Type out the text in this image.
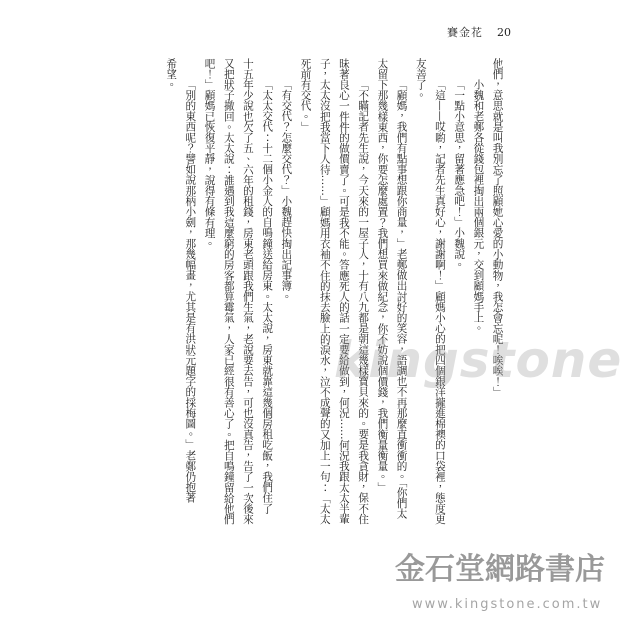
賽金花 20
他們，意思就是叫我別忘了照顧她心愛的小動物，我怎會忘呢！唉唉！」
小魏和老鄭各從錢包裡掏出兩個銀元，交到顧媽手上。
「一點小意思，留著應急吧！」小魏說。
「這——哎喲，記者先生真好心，謝謝啊！」顧媽小心的把四個銀洋攏進棉襖的口袋裡，態度更
友善了。
「顧媽，我們有點事想跟你商量，」老鄭做出討好的笑容，語調也不再那麼直衝衝的。「你們太
太留下那幾樣東西，你要怎麼處置？我們想買來做紀念，你不妨說個價錢，我們衡量衡量。」
「不瞞記者先生說，今天來的一屋子人，十有八九都是朝這幾樣寶貝來的。要是我貪財，保不住
昧著良心一件件的做價賣了。可是我不能。答應死人的話一定要給做到，何況……何況我跟太太半輩
子，太太沒把我當下人待……」顧媽用衣袖不住的抹去臉上的淚水，泣不成聲的又加上一句：「太太
死前有交代。」
「有交代？怎麼交代？」小魏趕快掏出記事簿。
「太太交代：十二個小金人的自鳴鐘送給房東。太太說，房東就靠這幾個房租吃飯，我們住了
十五年少說也欠了五、六年的租錢，房東老頭跟我們生氣，老說要去告，可也沒真告，告了一次後來
又把狀子撤回。太太說：誰遇到我這麼窮的房客都算霉氣，人家已經很有善心了。把自鳴鐘留給他們
吧！」顧媽已恢復平靜，說得有條有理。
「別的東西呢？譬如說那柄小劍，那幾幅畫，尤其是有洪狀元題字的採梅圖。」老鄭仍抱著
希望。
kingstone
金石堂網路書店
www.kingstone.com.tw
